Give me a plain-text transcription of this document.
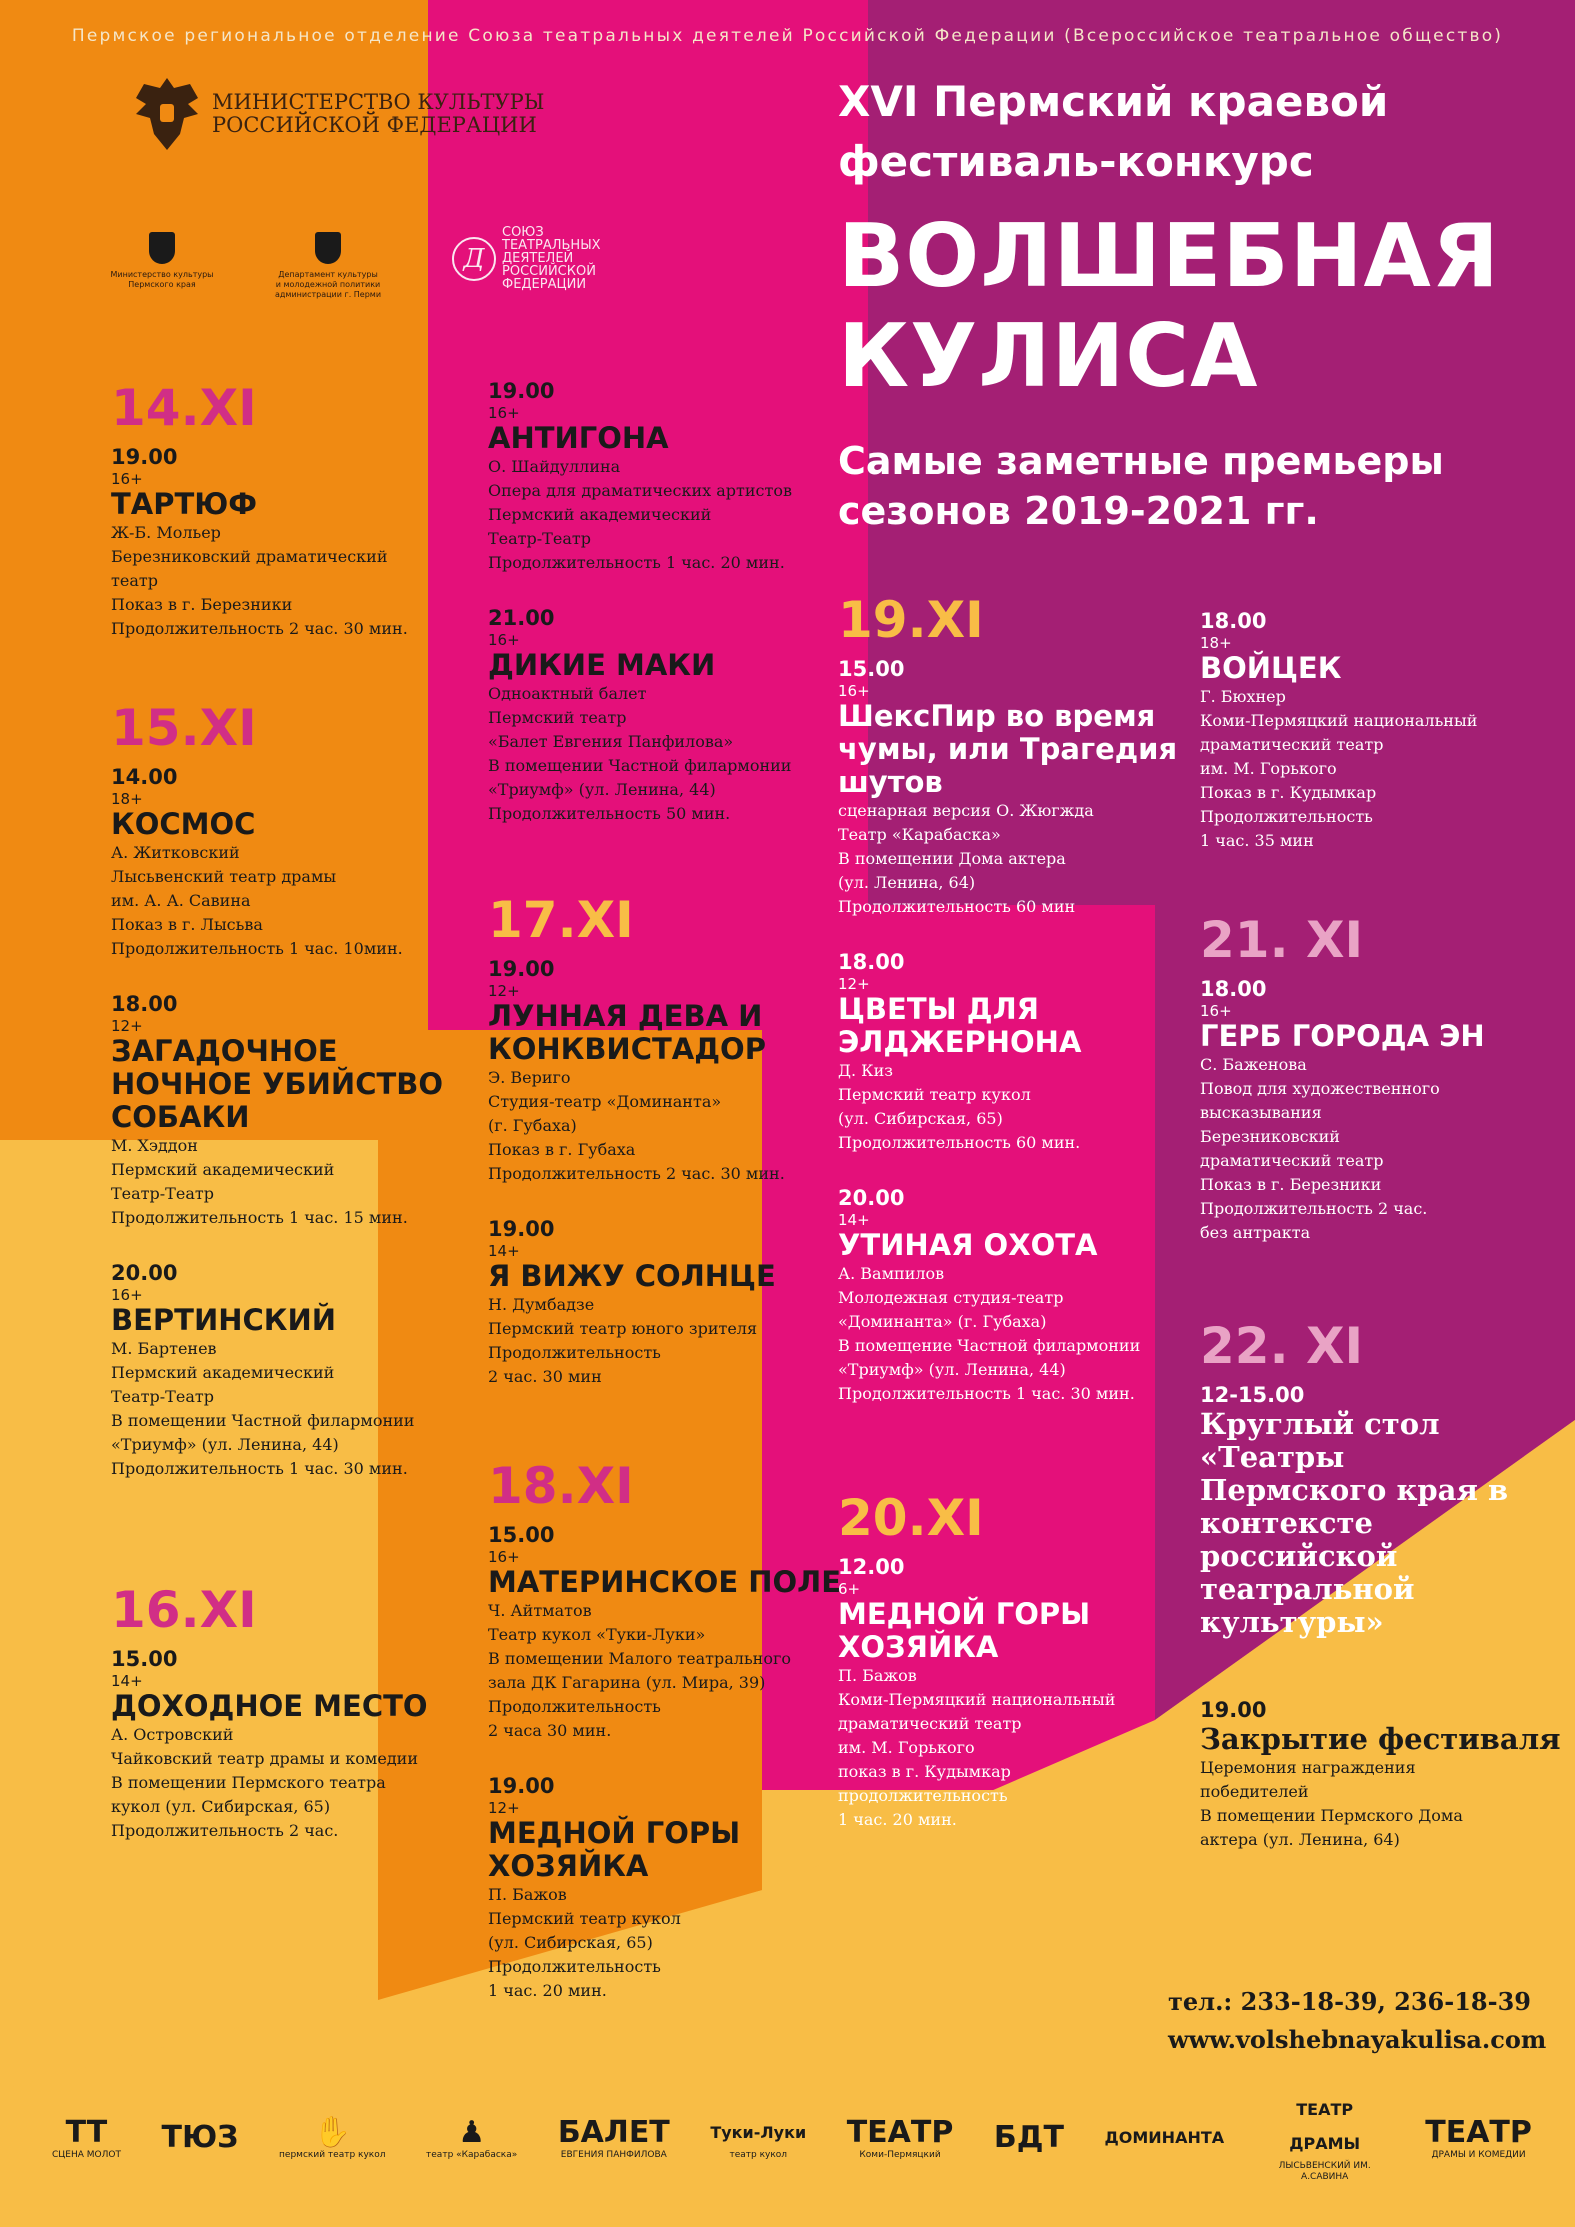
Пермское региональное отделение Союза театральных деятелей Российской Федерации (Всероссийское театральное общество)
МИНИСТЕРСТВО КУЛЬТУРЫ
РОССИЙСКОЙ ФЕДЕРАЦИИ
Министерство культуры
Пермского края
Департамент культуры
и молодежной политики
администрации г. Перми
Д
СОЮЗ
ТЕАТРАЛЬНЫХ
ДЕЯТЕЛЕЙ
РОССИЙСКОЙ
ФЕДЕРАЦИИ
XVI Пермский краевой
фестиваль-конкурс
ВОЛШЕБНАЯ
КУЛИСА
Самые заметные премьеры
сезонов 2019-2021 гг.
14.XI
19.00
16+
ТАРТЮФ
Ж-Б. Мольер
Березниковский драматический
театр
Показ в г. Березники
Продолжительность 2 час. 30 мин.
15.XI
14.00
18+
КОСМОС
А. Житковский
Лысьвенский театр драмы
им. А. А. Савина
Показ в г. Лысьва
Продолжительность 1 час. 10мин.
18.00
12+
ЗАГАДОЧНОЕ
НОЧНОЕ УБИЙСТВО
СОБАКИ
М. Хэддон
Пермский академический
Театр-Театр
Продолжительность 1 час. 15 мин.
20.00
16+
ВЕРТИНСКИЙ
М. Бартенев
Пермский академический
Театр-Театр
В помещении Частной филармонии
«Триумф» (ул. Ленина, 44)
Продолжительность 1 час. 30 мин.
16.XI
15.00
14+
ДОХОДНОЕ МЕСТО
А. Островский
Чайковский театр драмы и комедии
В помещении Пермского театра
кукол (ул. Сибирская, 65)
Продолжительность 2 час.
19.00
16+
АНТИГОНА
О. Шайдуллина
Опера для драматических артистов
Пермский академический
Театр-Театр
Продолжительность 1 час. 20 мин.
21.00
16+
ДИКИЕ МАКИ
Одноактный балет
Пермский театр
«Балет Евгения Панфилова»
В помещении Частной филармонии
«Триумф» (ул. Ленина, 44)
Продолжительность 50 мин.
17.XI
19.00
12+
ЛУННАЯ ДЕВА И
КОНКВИСТАДОР
Э. Вериго
Студия-театр «Доминанта»
(г. Губаха)
Показ в г. Губаха
Продолжительность 2 час. 30 мин.
19.00
14+
Я ВИЖУ СОЛНЦЕ
Н. Думбадзе
Пермский театр юного зрителя
Продолжительность
2 час. 30 мин
18.XI
15.00
16+
МАТЕРИНСКОЕ ПОЛЕ
Ч. Айтматов
Театр кукол «Туки-Луки»
В помещении Малого театрального
зала ДК Гагарина (ул. Мира, 39)
Продолжительность
2 часа 30 мин.
19.00
12+
МЕДНОЙ ГОРЫ
ХОЗЯЙКА
П. Бажов
Пермский театр кукол
(ул. Сибирская, 65)
Продолжительность
1 час. 20 мин.
19.XI
15.00
16+
ШексПир во время
чумы, или Трагедия
шутов
сценарная версия О. Жюгжда
Театр «Карабаска»
В помещении Дома актера
(ул. Ленина, 64)
Продолжительность 60 мин
18.00
12+
ЦВЕТЫ ДЛЯ
ЭЛДЖЕРНОНА
Д. Киз
Пермский театр кукол
(ул. Сибирская, 65)
Продолжительность 60 мин.
20.00
14+
УТИНАЯ ОХОТА
А. Вампилов
Молодежная студия-театр
«Доминанта» (г. Губаха)
В помещение Частной филармонии
«Триумф» (ул. Ленина, 44)
Продолжительность 1 час. 30 мин.
20.XI
12.00
6+
МЕДНОЙ ГОРЫ
ХОЗЯЙКА
П. Бажов
Коми-Пермяцкий национальный
драматический театр
им. М. Горького
показ в г. Кудымкар
продолжительность
1 час. 20 мин.
18.00
18+
ВОЙЦЕК
Г. Бюхнер
Коми-Пермяцкий национальный
драматический театр
им. М. Горького
Показ в г. Кудымкар
Продолжительность
1 час. 35 мин
21. XI
18.00
16+
ГЕРБ ГОРОДА ЭН
С. Баженова
Повод для художественного
высказывания
Березниковский
драматический театр
Показ в г. Березники
Продолжительность 2 час.
без антракта
22. XI
12-15.00
Круглый стол «Театры
Пермского края в
контексте российской
театральной
культуры»
19.00
Закрытие фестиваля
Церемония награждения
победителей
В помещении Пермского Дома
актера (ул. Ленина, 64)
тел.: 233-18-39, 236-18-39
www.volshebnayakulisa.com
TT
СЦЕНА МОЛОТ ТЮЗ	✋
пермский театр кукол
♟
театр «Карабаска»
БАЛЕТ
ЕВГЕНИЯ ПАНФИЛОВА
Туки-Луки
театр кукол
ТЕАТР
Коми-Пермяцкий БДТ	ДОМИНАНТА
ТЕАТР ДРАМЫ
ЛЫСЬВЕНСКИЙ ИМ. А.САВИНА
ТЕАТР
ДРАМЫ И КОМЕДИИ
